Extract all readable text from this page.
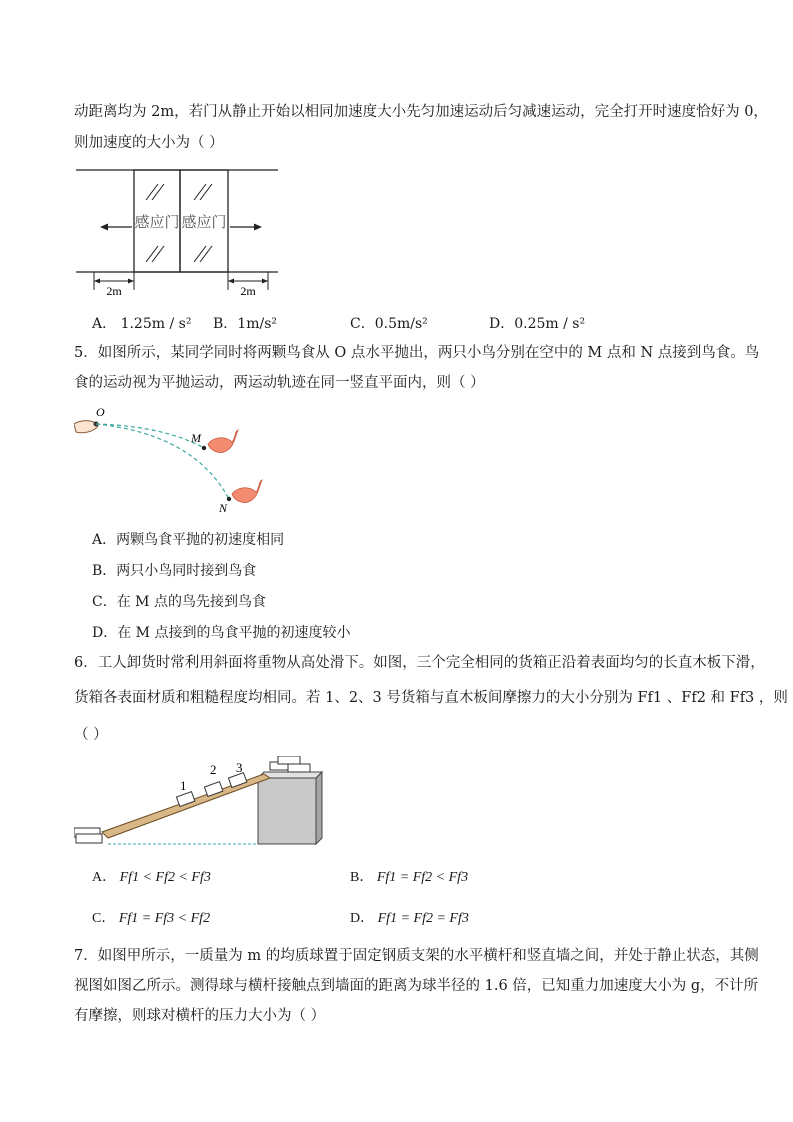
动距离均为 2m，若门从静止开始以相同加速度大小先匀加速运动后匀减速运动，完全打开时速度恰好为 0，
则加速度的大小为（ ）
感应门 感应门
2m	2m
A． 1.25m / s² B．1m/s²	C．0.5m/s²	D．0.25m / s²
5．如图所示，某同学同时将两颗鸟食从 O 点水平抛出，两只小鸟分别在空中的 M 点和 N 点接到鸟食。鸟
食的运动视为平抛运动，两运动轨迹在同一竖直平面内，则（ ）
O
M
N
A．两颗鸟食平抛的初速度相同
B．两只小鸟同时接到鸟食
C．在 M 点的鸟先接到鸟食
D．在 M 点接到的鸟食平抛的初速度较小
6．工人卸货时常利用斜面将重物从高处滑下。如图，三个完全相同的货箱正沿着表面均匀的长直木板下滑，
货箱各表面材质和粗糙程度均相同。若 1、2、3 号货箱与直木板间摩擦力的大小分别为 Ff1 、Ff2 和 Ff3 ，则
（ ）
1
2 3
A． Ff1 < Ff2 < Ff3	B． Ff1 = Ff2 < Ff3
C． Ff1 = Ff3 < Ff2	D． Ff1 = Ff2 = Ff3
7．如图甲所示，一质量为 m 的均质球置于固定钢质支架的水平横杆和竖直墙之间，并处于静止状态，其侧
视图如图乙所示。测得球与横杆接触点到墙面的距离为球半径的 1.6 倍，已知重力加速度大小为 g，不计所
有摩擦，则球对横杆的压力大小为（ ）
